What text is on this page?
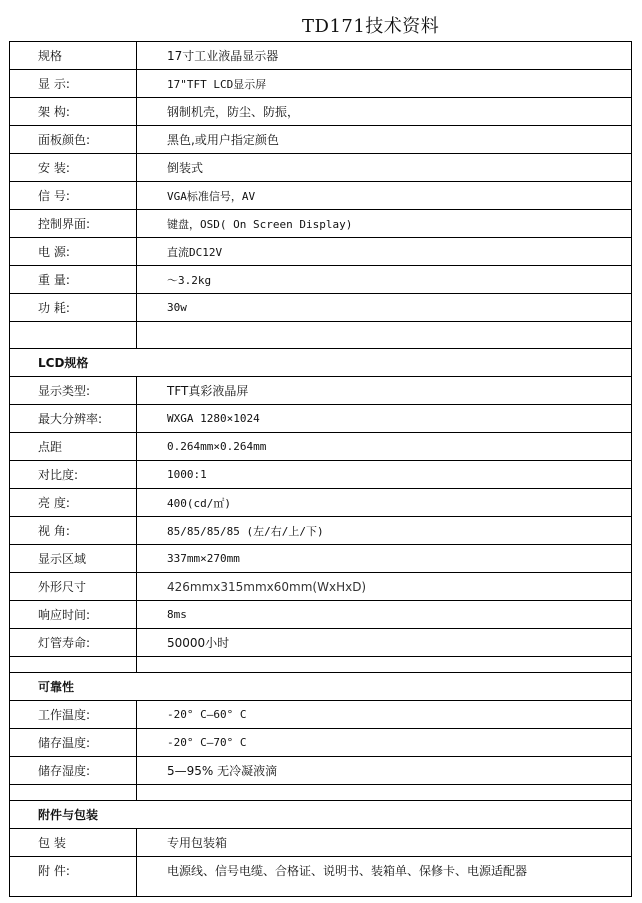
TD171技术资料
规格	17寸工业液晶显示器
显 示:	17"TFT LCD显示屏
架 构:	钢制机壳，防尘、防振，
面板颜色:	黑色,或用户指定颜色
安 装:	倒装式
信 号:	VGA标准信号，AV
控制界面:	键盘，OSD( On Screen Display)
电 源:	直流DC12V
重 量:	～3.2kg
功 耗:	30w

LCD规格	
显示类型:	TFT真彩液晶屏
最大分辨率:	WXGA 1280×1024
点距	0.264mm×0.264mm
对比度:	1000:1
亮 度:	400(cd/㎡)
视 角:	85/85/85/85 (左/右/上/下)
显示区域	337mm×270mm
外形尺寸	426mmx315mmx60mm(WxHxD)
响应时间:	8ms
灯管寿命:	50000小时

可靠性	
工作温度:	-20° C—60° C
储存温度:	-20° C—70° C
储存湿度:	5—95% 无冷凝液滴

附件与包装	
包 装	专用包装箱
附 件:	电源线、信号电缆、合格证、说明书、装箱单、保修卡、电源适配器
